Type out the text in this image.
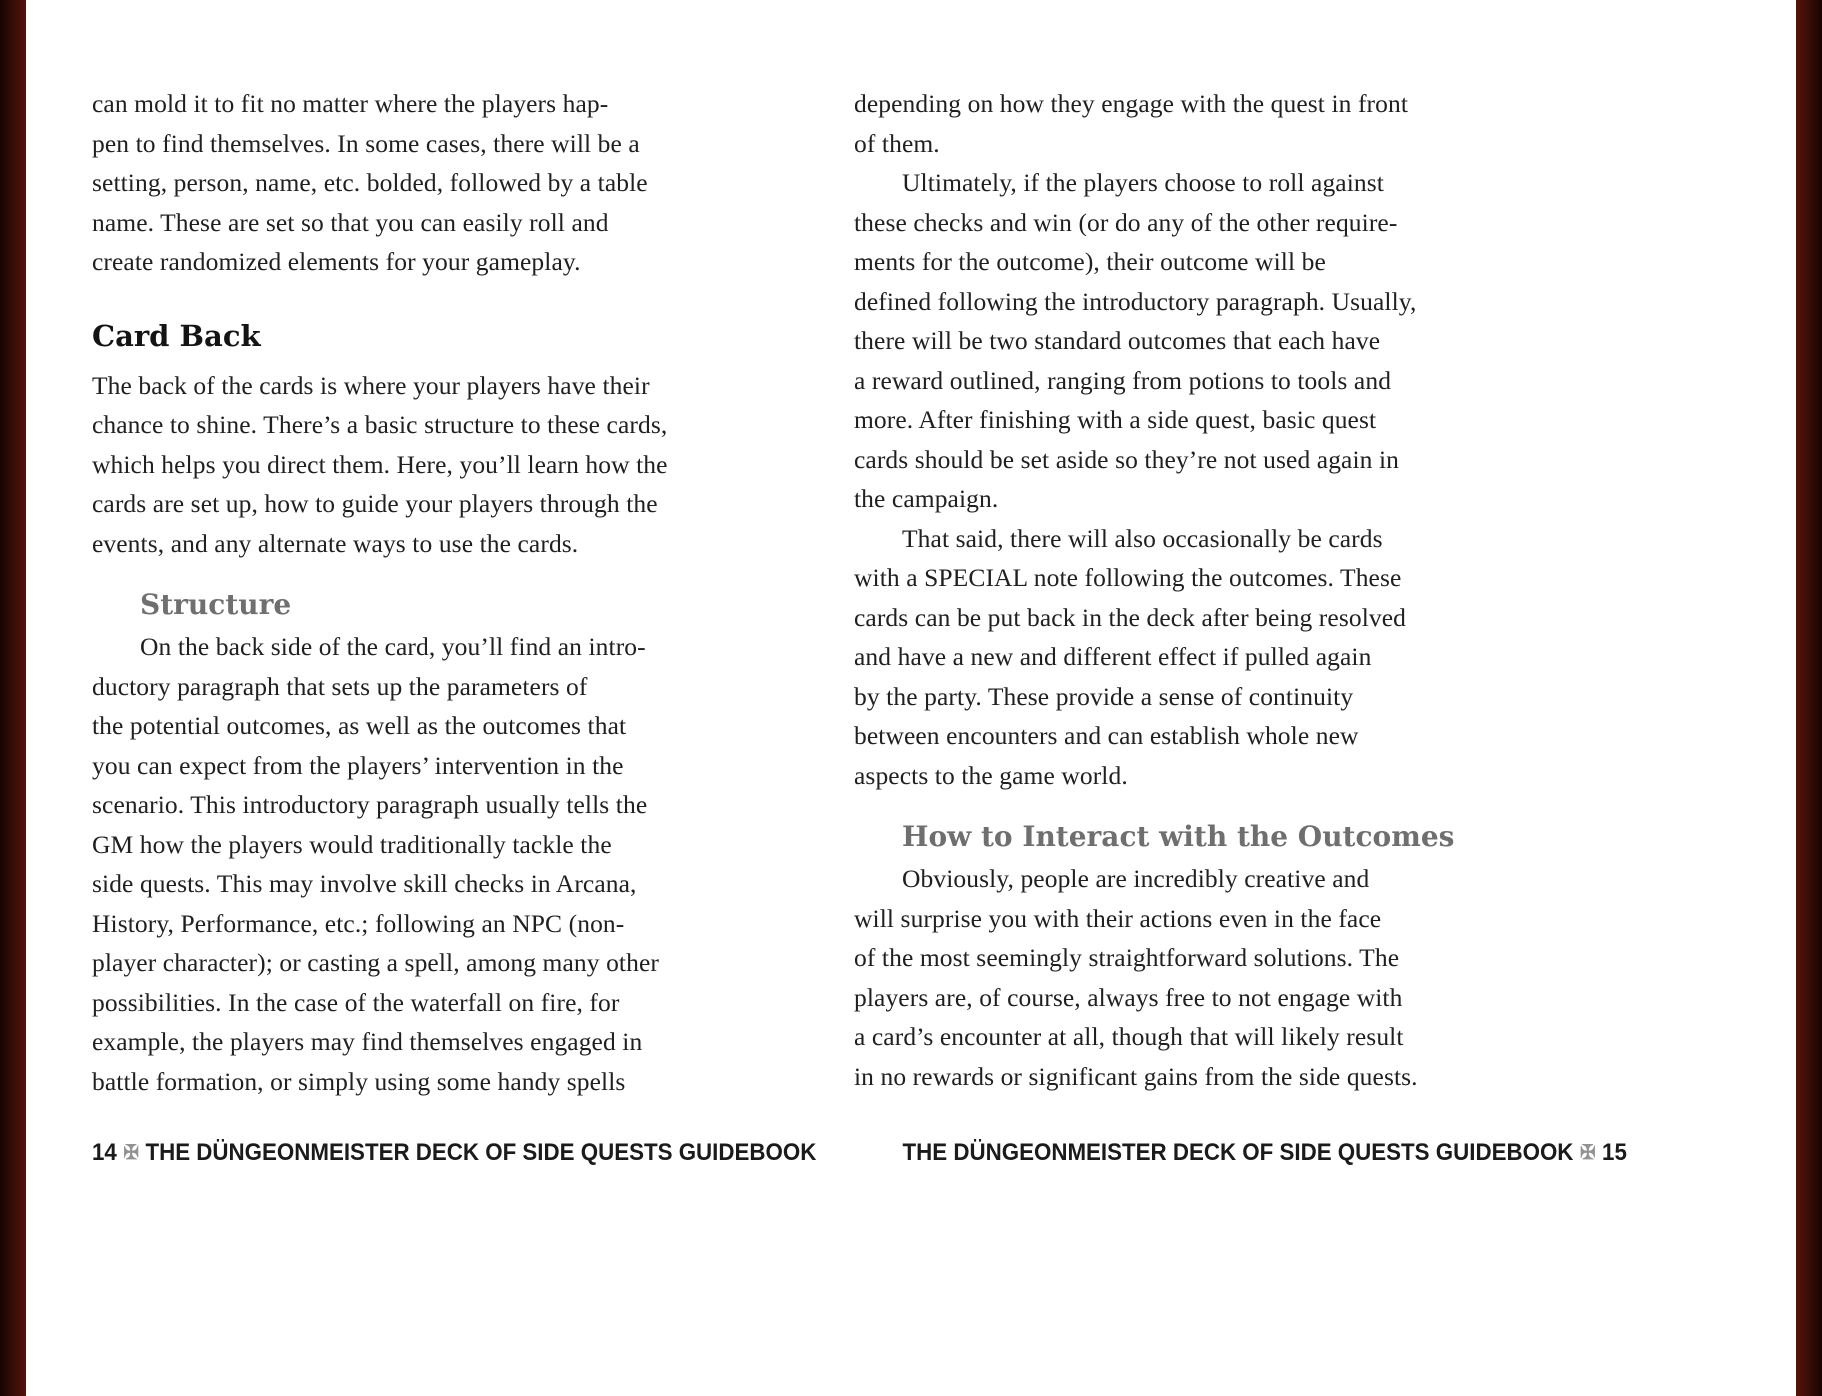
can mold it to fit no matter where the players hap-
pen to find themselves. In some cases, there will be a
setting, person, name, etc. bolded, followed by a table
name. These are set so that you can easily roll and
create randomized elements for your gameplay.
Card Back
The back of the cards is where your players have their
chance to shine. There’s a basic structure to these cards,
which helps you direct them. Here, you’ll learn how the
cards are set up, how to guide your players through the
events, and any alternate ways to use the cards.
Structure
On the back side of the card, you’ll find an intro-
ductory paragraph that sets up the parameters of
the potential outcomes, as well as the outcomes that
you can expect from the players’ intervention in the
scenario. This introductory paragraph usually tells the
GM how the players would traditionally tackle the
side quests. This may involve skill checks in Arcana,
History, Performance, etc.; following an NPC (non-
player character); or casting a spell, among many other
possibilities. In the case of the waterfall on fire, for
example, the players may find themselves engaged in
battle formation, or simply using some handy spells
depending on how they engage with the quest in front
of them.
Ultimately, if the players choose to roll against
these checks and win (or do any of the other require-
ments for the outcome), their outcome will be
defined following the introductory paragraph. Usually,
there will be two standard outcomes that each have
a reward outlined, ranging from potions to tools and
more. After finishing with a side quest, basic quest
cards should be set aside so they’re not used again in
the campaign.
That said, there will also occasionally be cards
with a SPECIAL note following the outcomes. These
cards can be put back in the deck after being resolved
and have a new and different effect if pulled again
by the party. These provide a sense of continuity
between encounters and can establish whole new
aspects to the game world.
How to Interact with the Outcomes
Obviously, people are incredibly creative and
will surprise you with their actions even in the face
of the most seemingly straightforward solutions. The
players are, of course, always free to not engage with
a card’s encounter at all, though that will likely result
in no rewards or significant gains from the side quests.
14 ✠ THE DÜNGEONMEISTER DECK OF SIDE QUESTS GUIDEBOOK	THE DÜNGEONMEISTER DECK OF SIDE QUESTS GUIDEBOOK ✠ 15
